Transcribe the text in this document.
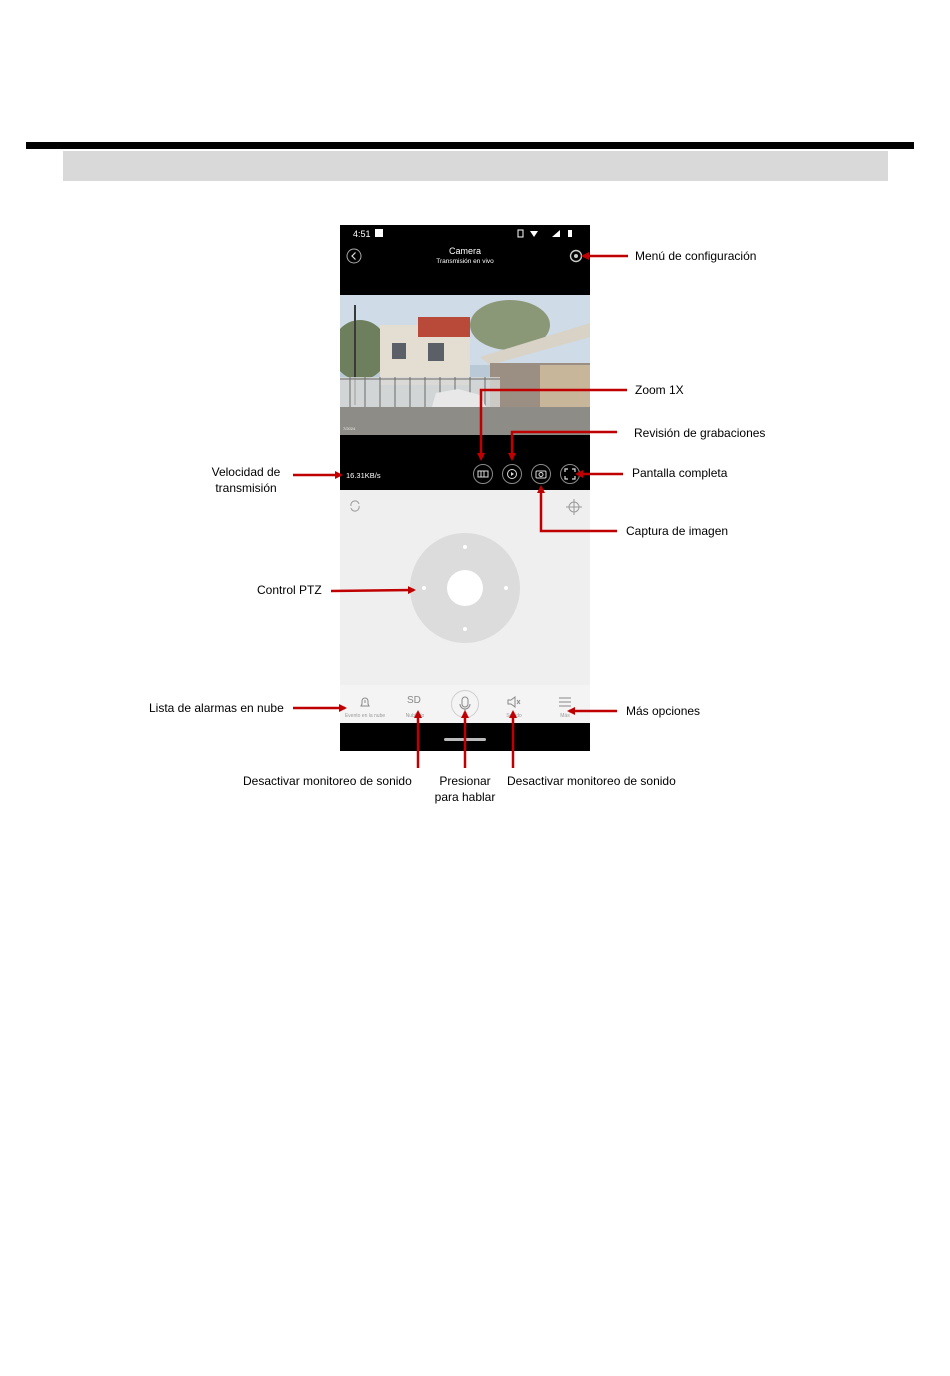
4:51
Camera
Transmisión en vivo
7/2024
16.31KB/s
Evento en la nube
SD
Nublado	Sonido	Más
Menú de configuración
Zoom 1X
Revisión de grabaciones
Pantalla completa
Velocidad de transmisión
Captura de imagen
Control PTZ
Lista de alarmas en nube	Más opciones
Desactivar monitoreo de sonido	Presionar para hablar
Desactivar monitoreo de sonido
